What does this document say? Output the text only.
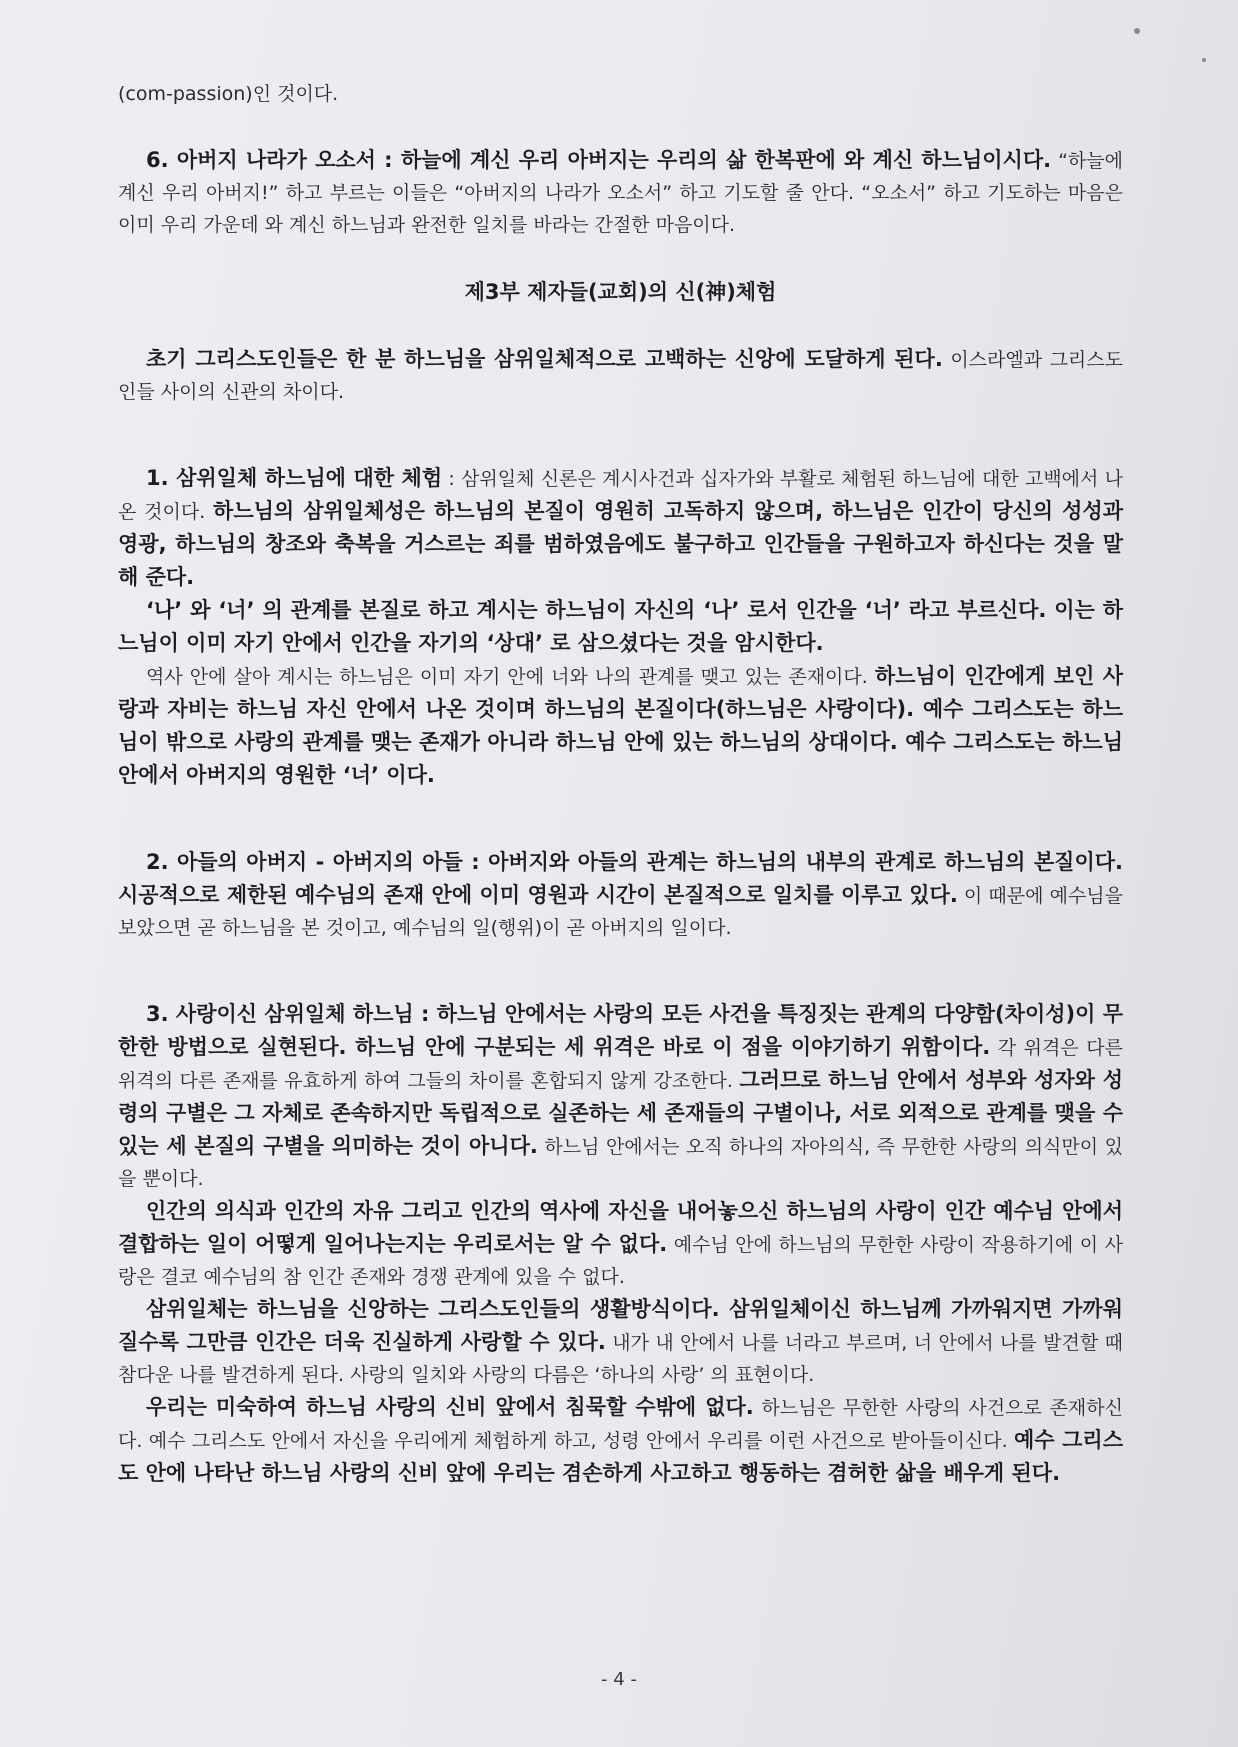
(com-passion)인 것이다.

6. 아버지 나라가 오소서 : 하늘에 계신 우리 아버지는 우리의 삶 한복판에 와 계신 하느님이시다. “하늘에 계신 우리 아버지!” 하고 부르는 이들은 “아버지의 나라가 오소서” 하고 기도할 줄 안다. “오소서” 하고 기도하는 마음은 이미 우리 가운데 와 계신 하느님과 완전한 일치를 바라는 간절한 마음이다.

제3부 제자들(교회)의 신(神)체험

초기 그리스도인들은 한 분 하느님을 삼위일체적으로 고백하는 신앙에 도달하게 된다. 이스라엘과 그리스도인들 사이의 신관의 차이다.

1. 삼위일체 하느님에 대한 체험 : 삼위일체 신론은 계시사건과 십자가와 부활로 체험된 하느님에 대한 고백에서 나온 것이다. 하느님의 삼위일체성은 하느님의 본질이 영원히 고독하지 않으며, 하느님은 인간이 당신의 성성과 영광, 하느님의 창조와 축복을 거스르는 죄를 범하였음에도 불구하고 인간들을 구원하고자 하신다는 것을 말해 준다.

‘나’ 와 ‘너’ 의 관계를 본질로 하고 계시는 하느님이 자신의 ‘나’ 로서 인간을 ‘너’ 라고 부르신다. 이는 하느님이 이미 자기 안에서 인간을 자기의 ‘상대’ 로 삼으셨다는 것을 암시한다.

역사 안에 살아 계시는 하느님은 이미 자기 안에 너와 나의 관계를 맺고 있는 존재이다. 하느님이 인간에게 보인 사랑과 자비는 하느님 자신 안에서 나온 것이며 하느님의 본질이다(하느님은 사랑이다). 예수 그리스도는 하느님이 밖으로 사랑의 관계를 맺는 존재가 아니라 하느님 안에 있는 하느님의 상대이다. 예수 그리스도는 하느님 안에서 아버지의 영원한 ‘너’ 이다.

2. 아들의 아버지 - 아버지의 아들 : 아버지와 아들의 관계는 하느님의 내부의 관계로 하느님의 본질이다. 시공적으로 제한된 예수님의 존재 안에 이미 영원과 시간이 본질적으로 일치를 이루고 있다. 이 때문에 예수님을 보았으면 곧 하느님을 본 것이고, 예수님의 일(행위)이 곧 아버지의 일이다.

3. 사랑이신 삼위일체 하느님 : 하느님 안에서는 사랑의 모든 사건을 특징짓는 관계의 다양함(차이성)이 무한한 방법으로 실현된다. 하느님 안에 구분되는 세 위격은 바로 이 점을 이야기하기 위함이다. 각 위격은 다른 위격의 다른 존재를 유효하게 하여 그들의 차이를 혼합되지 않게 강조한다. 그러므로 하느님 안에서 성부와 성자와 성령의 구별은 그 자체로 존속하지만 독립적으로 실존하는 세 존재들의 구별이나, 서로 외적으로 관계를 맺을 수 있는 세 본질의 구별을 의미하는 것이 아니다. 하느님 안에서는 오직 하나의 자아의식, 즉 무한한 사랑의 의식만이 있을 뿐이다.

인간의 의식과 인간의 자유 그리고 인간의 역사에 자신을 내어놓으신 하느님의 사랑이 인간 예수님 안에서 결합하는 일이 어떻게 일어나는지는 우리로서는 알 수 없다. 예수님 안에 하느님의 무한한 사랑이 작용하기에 이 사랑은 결코 예수님의 참 인간 존재와 경쟁 관계에 있을 수 없다.

삼위일체는 하느님을 신앙하는 그리스도인들의 생활방식이다. 삼위일체이신 하느님께 가까워지면 가까워질수록 그만큼 인간은 더욱 진실하게 사랑할 수 있다. 내가 내 안에서 나를 너라고 부르며, 너 안에서 나를 발견할 때 참다운 나를 발견하게 된다. 사랑의 일치와 사랑의 다름은 ‘하나의 사랑’ 의 표현이다.

우리는 미숙하여 하느님 사랑의 신비 앞에서 침묵할 수밖에 없다. 하느님은 무한한 사랑의 사건으로 존재하신다. 예수 그리스도 안에서 자신을 우리에게 체험하게 하고, 성령 안에서 우리를 이런 사건으로 받아들이신다. 예수 그리스도 안에 나타난 하느님 사랑의 신비 앞에 우리는 겸손하게 사고하고 행동하는 겸허한 삶을 배우게 된다.

- 4 -
